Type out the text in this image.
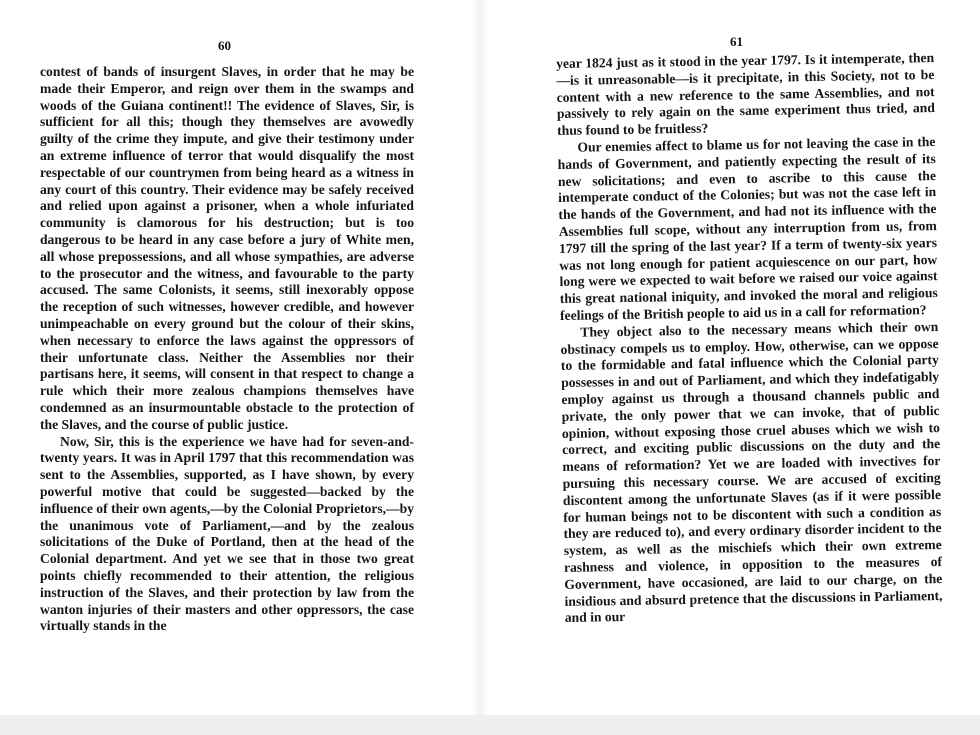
60

contest of bands of insurgent Slaves, in order that he may be made their Emperor, and reign over them in the swamps and woods of the Guiana continent!! The evidence of Slaves, Sir, is sufficient for all this; though they themselves are avowedly guilty of the crime they impute, and give their testimony under an extreme influence of terror that would disqualify the most respectable of our countrymen from being heard as a witness in any court of this country. Their evidence may be safely received and relied upon against a prisoner, when a whole infuriated community is clamorous for his destruction; but is too dangerous to be heard in any case before a jury of White men, all whose prepossessions, and all whose sympathies, are adverse to the prosecutor and the witness, and favourable to the party accused. The same Colonists, it seems, still inexorably oppose the reception of such witnesses, however credible, and however unimpeachable on every ground but the colour of their skins, when necessary to enforce the laws against the oppressors of their unfortunate class. Neither the Assemblies nor their partisans here, it seems, will consent in that respect to change a rule which their more zealous champions themselves have condemned as an insurmountable obstacle to the protection of the Slaves, and the course of public justice.

Now, Sir, this is the experience we have had for seven-and-twenty years. It was in April 1797 that this recommendation was sent to the Assemblies, supported, as I have shown, by every powerful motive that could be suggested—backed by the influence of their own agents,—by the Colonial Proprietors,—by the unanimous vote of Parliament,—and by the zealous solicitations of the Duke of Portland, then at the head of the Colonial department. And yet we see that in those two great points chiefly recommended to their attention, the religious instruction of the Slaves, and their protection by law from the wanton injuries of their masters and other oppressors, the case virtually stands in the

61

year 1824 just as it stood in the year 1797. Is it intemperate, then—is it unreasonable—is it precipitate, in this Society, not to be content with a new reference to the same Assemblies, and not passively to rely again on the same experiment thus tried, and thus found to be fruitless?

Our enemies affect to blame us for not leaving the case in the hands of Government, and patiently expecting the result of its new solicitations; and even to ascribe to this cause the intemperate conduct of the Colonies; but was not the case left in the hands of the Government, and had not its influence with the Assemblies full scope, without any interruption from us, from 1797 till the spring of the last year? If a term of twenty-six years was not long enough for patient acquiescence on our part, how long were we expected to wait before we raised our voice against this great national iniquity, and invoked the moral and religious feelings of the British people to aid us in a call for reformation?

They object also to the necessary means which their own obstinacy compels us to employ. How, otherwise, can we oppose to the formidable and fatal influence which the Colonial party possesses in and out of Parliament, and which they indefatigably employ against us through a thousand channels public and private, the only power that we can invoke, that of public opinion, without exposing those cruel abuses which we wish to correct, and exciting public discussions on the duty and the means of reformation? Yet we are loaded with invectives for pursuing this necessary course. We are accused of exciting discontent among the unfortunate Slaves (as if it were possible for human beings not to be discontent with such a condition as they are reduced to), and every ordinary disorder incident to the system, as well as the mischiefs which their own extreme rashness and violence, in opposition to the measures of Government, have occasioned, are laid to our charge, on the insidious and absurd pretence that the discussions in Parliament, and in our
